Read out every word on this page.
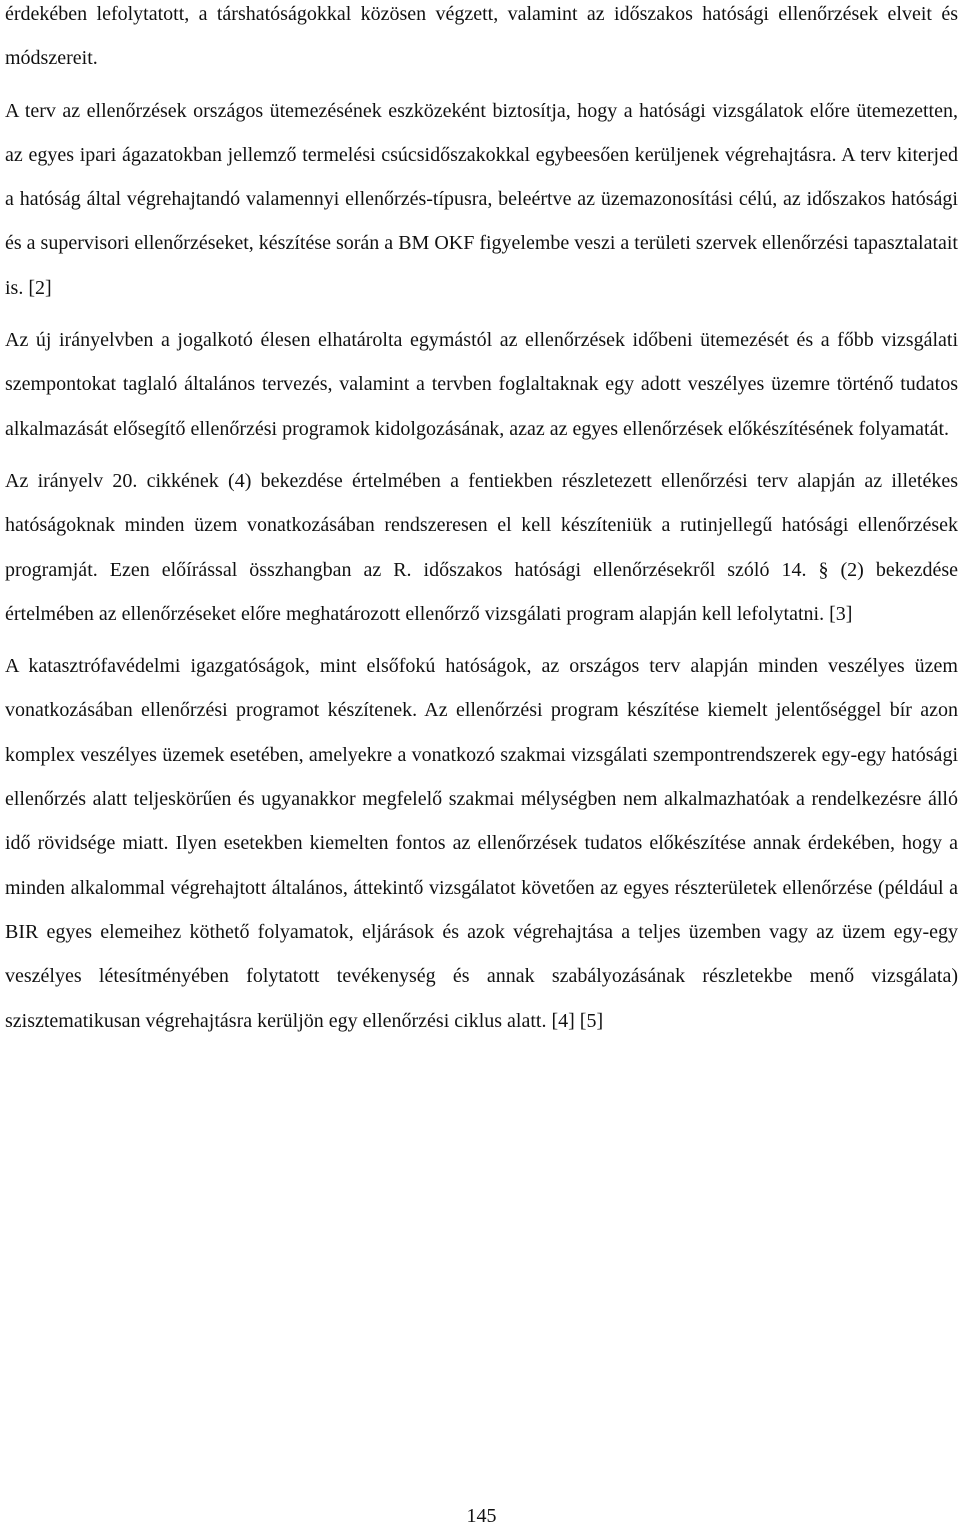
érdekében lefolytatott, a társhatóságokkal közösen végzett, valamint az időszakos hatósági ellenőrzések elveit és módszereit.

A terv az ellenőrzések országos ütemezésének eszközeként biztosítja, hogy a hatósági vizsgálatok előre ütemezetten, az egyes ipari ágazatokban jellemző termelési csúcsidőszakokkal egybeesően kerüljenek végrehajtásra. A terv kiterjed a hatóság által végrehajtandó valamennyi ellenőrzés-típusra, beleértve az üzemazonosítási célú, az időszakos hatósági és a supervisori ellenőrzéseket, készítése során a BM OKF figyelembe veszi a területi szervek ellenőrzési tapasztalatait is. [2]

Az új irányelvben a jogalkotó élesen elhatárolta egymástól az ellenőrzések időbeni ütemezését és a főbb vizsgálati szempontokat taglaló általános tervezés, valamint a tervben foglaltaknak egy adott veszélyes üzemre történő tudatos alkalmazását elősegítő ellenőrzési programok kidolgozásának, azaz az egyes ellenőrzések előkészítésének folyamatát.

Az irányelv 20. cikkének (4) bekezdése értelmében a fentiekben részletezett ellenőrzési terv alapján az illetékes hatóságoknak minden üzem vonatkozásában rendszeresen el kell készíteniük a rutinjellegű hatósági ellenőrzések programját. Ezen előírással összhangban az R. időszakos hatósági ellenőrzésekről szóló 14. § (2) bekezdése értelmében az ellenőrzéseket előre meghatározott ellenőrző vizsgálati program alapján kell lefolytatni. [3]

A katasztrófavédelmi igazgatóságok, mint elsőfokú hatóságok, az országos terv alapján minden veszélyes üzem vonatkozásában ellenőrzési programot készítenek. Az ellenőrzési program készítése kiemelt jelentőséggel bír azon komplex veszélyes üzemek esetében, amelyekre a vonatkozó szakmai vizsgálati szempontrendszerek egy-egy hatósági ellenőrzés alatt teljeskörűen és ugyanakkor megfelelő szakmai mélységben nem alkalmazhatóak a rendelkezésre álló idő rövidsége miatt. Ilyen esetekben kiemelten fontos az ellenőrzések tudatos előkészítése annak érdekében, hogy a minden alkalommal végrehajtott általános, áttekintő vizsgálatot követően az egyes részterületek ellenőrzése (például a BIR egyes elemeihez köthető folyamatok, eljárások és azok végrehajtása a teljes üzemben vagy az üzem egy-egy veszélyes létesítményében folytatott tevékenység és annak szabályozásának részletekbe menő vizsgálata) szisztematikusan végrehajtásra kerüljön egy ellenőrzési ciklus alatt. [4] [5]

145
